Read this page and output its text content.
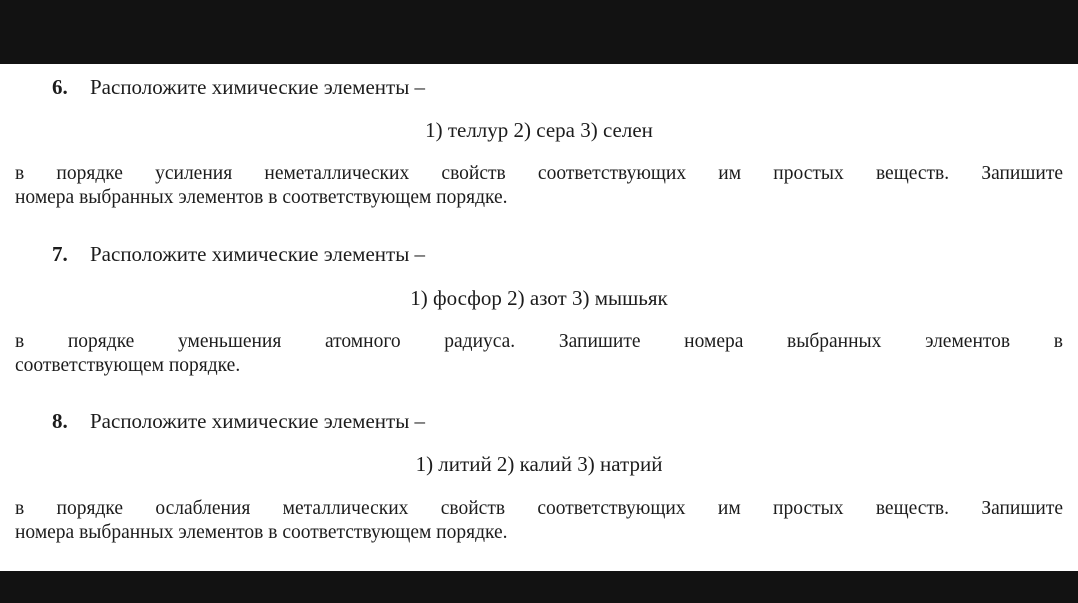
6. Расположите химические элементы –
1) теллур 2) сера 3) селен
в порядке усиления неметаллических свойств соответствующих им простых веществ. Запишите
номера выбранных элементов в соответствующем порядке.
7. Расположите химические элементы –
1) фосфор 2) азот 3) мышьяк
в порядке уменьшения атомного радиуса. Запишите номера выбранных элементов в
соответствующем порядке.
8. Расположите химические элементы –
1) литий 2) калий 3) натрий
в порядке ослабления металлических свойств соответствующих им простых веществ. Запишите
номера выбранных элементов в соответствующем порядке.
